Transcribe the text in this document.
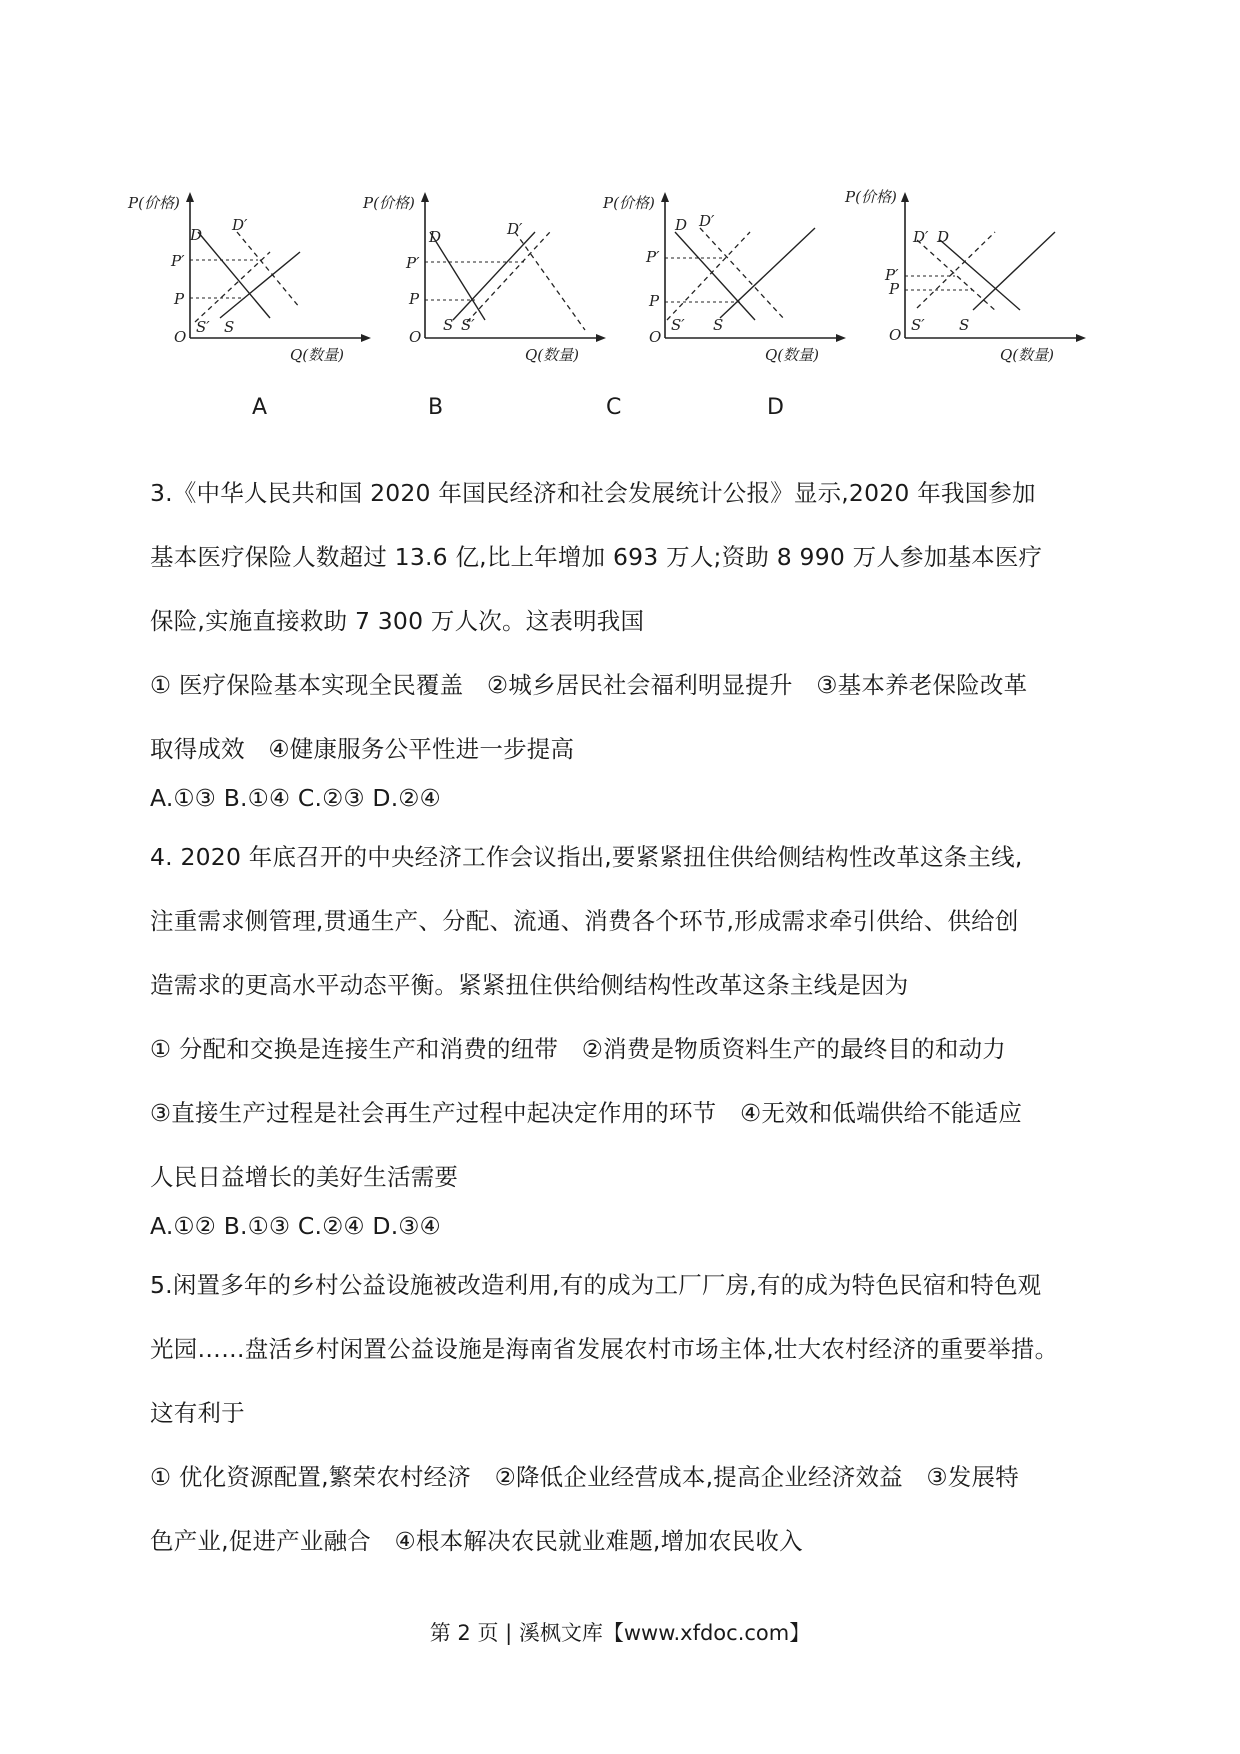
P(价格)
Q(数量)
D
D′
P′
P
S′ S
O
P(价格)
Q(数量)
D	D′
P′
P
S S′
O
P(价格)
Q(数量)
D D′
P′
P
S′ S
O
P(价格)
Q(数量)
D′ D
P′
P
S′ S
O
A	B	C	D
3.《中华人民共和国 2020 年国民经济和社会发展统计公报》显示,2020 年我国参加
基本医疗保险人数超过 13.6 亿,比上年增加 693 万人;资助 8 990 万人参加基本医疗
保险,实施直接救助 7 300 万人次。这表明我国
① 医疗保险基本实现全民覆盖　②城乡居民社会福利明显提升　③基本养老保险改革
取得成效　④健康服务公平性进一步提高
A.①③ B.①④ C.②③ D.②④
4. 2020 年底召开的中央经济工作会议指出,要紧紧扭住供给侧结构性改革这条主线,
注重需求侧管理,贯通生产、分配、流通、消费各个环节,形成需求牵引供给、供给创
造需求的更高水平动态平衡。紧紧扭住供给侧结构性改革这条主线是因为
① 分配和交换是连接生产和消费的纽带　②消费是物质资料生产的最终目的和动力
③直接生产过程是社会再生产过程中起决定作用的环节　④无效和低端供给不能适应
人民日益增长的美好生活需要
A.①② B.①③ C.②④ D.③④
5.闲置多年的乡村公益设施被改造利用,有的成为工厂厂房,有的成为特色民宿和特色观
光园……盘活乡村闲置公益设施是海南省发展农村市场主体,壮大农村经济的重要举措。
这有利于
① 优化资源配置,繁荣农村经济　②降低企业经营成本,提高企业经济效益　③发展特
色产业,促进产业融合　④根本解决农民就业难题,增加农民收入
第 2 页 | 溪枫文库【www.xfdoc.com】
